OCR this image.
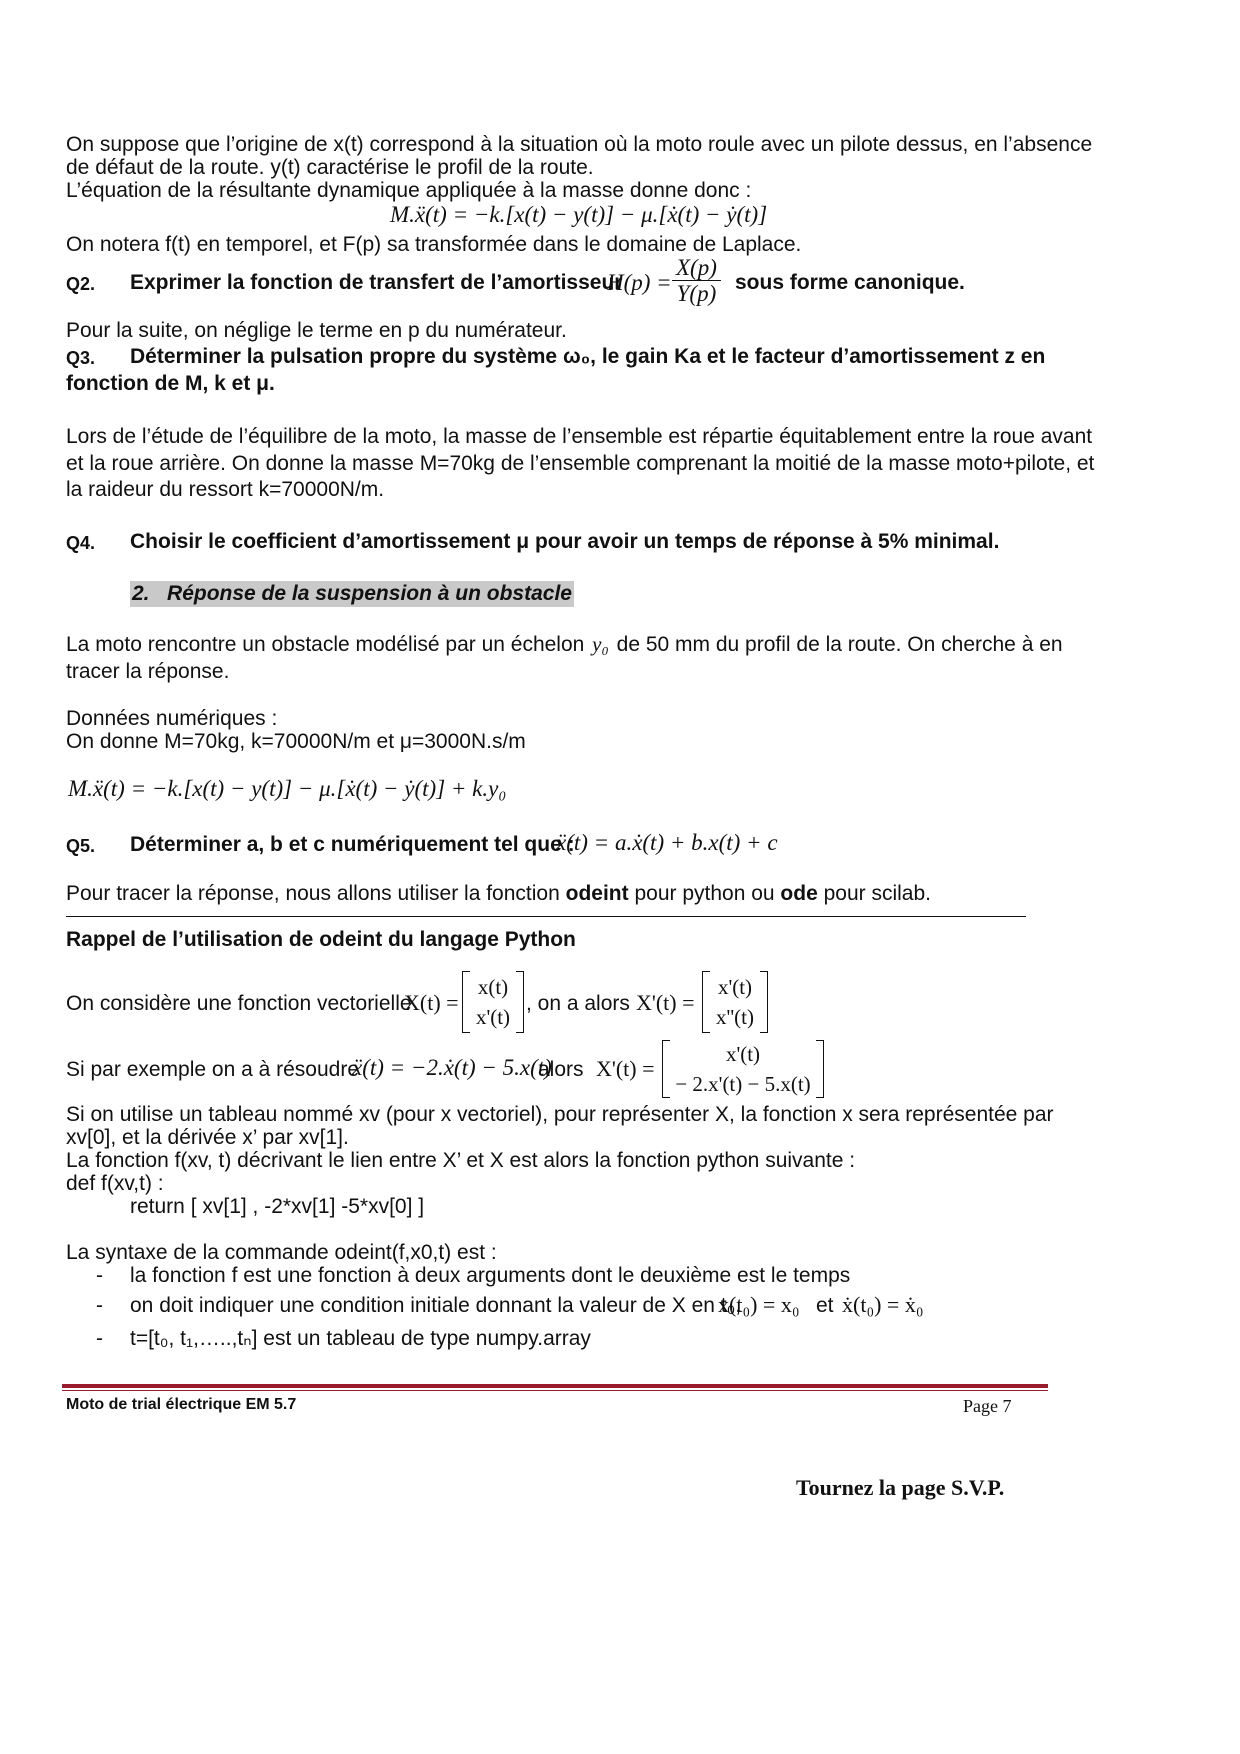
On suppose que l’origine de x(t) correspond à la situation où la moto roule avec un pilote dessus, en l’absence
de défaut de la route. y(t) caractérise le profil de la route.
L’équation de la résultante dynamique appliquée à la masse donne donc :
M.ẍ(t) = −k.[x(t) − y(t)] − μ.[ẋ(t) − ẏ(t)]
On notera f(t) en temporel, et F(p) sa transformée dans le domaine de Laplace.
Q2. Exprimer la fonction de transfert de l’amortisseur
$H(p) = \frac{X(p)}{Y(p)}$ sous forme canonique.
Pour la suite, on néglige le terme en p du numérateur.
Q3. Déterminer la pulsation propre du système ω₀, le gain Ka et le facteur d’amortissement z en
fonction de M, k et μ.
Lors de l’étude de l’équilibre de la moto, la masse de l’ensemble est répartie équitablement entre la roue avant
et la roue arrière. On donne la masse M=70kg de l’ensemble comprenant la moitié de la masse moto+pilote, et
la raideur du ressort k=70000N/m.
Q4. Choisir le coefficient d’amortissement μ pour avoir un temps de réponse à 5% minimal.
2. Réponse de la suspension à un obstacle
La moto rencontre un obstacle modélisé par un échelon y₀ de 50 mm du profil de la route. On cherche à en
tracer la réponse.
Données numériques :
On donne M=70kg, k=70000N/m et μ=3000N.s/m
M.ẍ(t) = −k.[x(t) − y(t)] − μ.[ẋ(t) − ẏ(t)] + k.y₀
Q5. Déterminer a, b et c numériquement tel que :
ẍ(t) = a.ẋ(t) + b.x(t) + c
Pour tracer la réponse, nous allons utiliser la fonction odeint pour python ou ode pour scilab.
Rappel de l’utilisation de odeint du langage Python
On considère une fonction vectorielle
X(t) =
x(t)
x'(t)
, on a alors X'(t) =
x'(t)
x''(t)
Si par exemple on a à résoudre
ẍ(t) = −2.ẋ(t) − 5.x(t)
alors X'(t) =
x'(t)
− 2.x'(t) − 5.x(t)
Si on utilise un tableau nommé xv (pour x vectoriel), pour représenter X, la fonction x sera représentée par
xv[0], et la dérivée x’ par xv[1].
La fonction f(xv, t) décrivant le lien entre X’ et X est alors la fonction python suivante :
def f(xv,t) :
return [ xv[1] , -2*xv[1] -5*xv[0] ]
La syntaxe de la commande odeint(f,x0,t) est :
- la fonction f est une fonction à deux arguments dont le deuxième est le temps
- on doit indiquer une condition initiale donnant la valeur de X en t₀,
x(t₀) = x₀ et ẋ(t₀) = ẋ₀
- t=[t₀, t₁,…..,tₙ] est un tableau de type numpy.array
Moto de trial électrique EM 5.7	Page 7
Tournez la page S.V.P.
